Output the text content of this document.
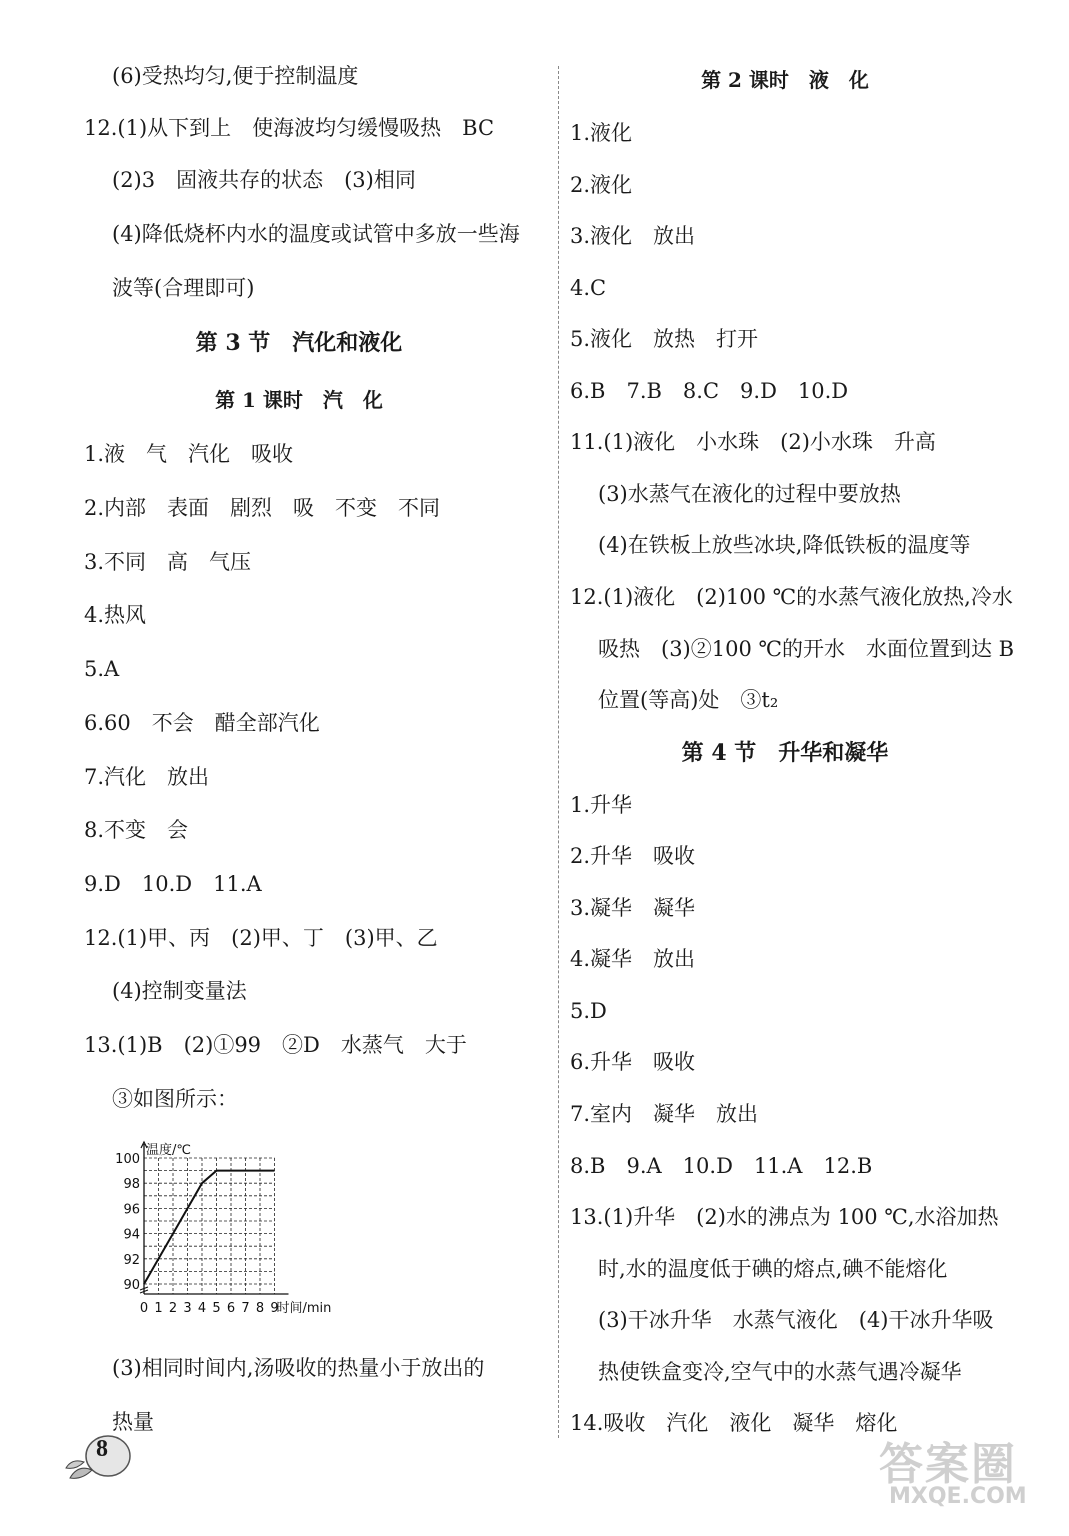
(6)受热均匀,便于控制温度
12.(1)从下到上　使海波均匀缓慢吸热　BC
(2)3　固液共存的状态　(3)相同
(4)降低烧杯内水的温度或试管中多放一些海
波等(合理即可)
第 3 节　汽化和液化
第 1 课时　汽　化
1.液　气　汽化　吸收
2.内部　表面　剧烈　吸　不变　不同
3.不同　高　气压
4.热风
5.A
6.60　不会　醋全部汽化
7.汽化　放出
8.不变　会
9.D　10.D　11.A
12.(1)甲、丙　(2)甲、丁　(3)甲、乙
(4)控制变量法
13.(1)B　(2)①99　②D　水蒸气　大于
③如图所示：
(3)相同时间内,汤吸收的热量小于放出的
热量
第 2 课时　液　化
1.液化
2.液化
3.液化　放出
4.C
5.液化　放热　打开
6.B　7.B　8.C　9.D　10.D
11.(1)液化　小水珠　(2)小水珠　升高
(3)水蒸气在液化的过程中要放热
(4)在铁板上放些冰块,降低铁板的温度等
12.(1)液化　(2)100 ℃的水蒸气液化放热,冷水
吸热　(3)②100 ℃的开水　水面位置到达 B
位置(等高)处　③t₂
第 4 节　升华和凝华
1.升华
2.升华　吸收
3.凝华　凝华
4.凝华　放出
5.D
6.升华　吸收
7.室内　凝华　放出
8.B　9.A　10.D　11.A　12.B
13.(1)升华　(2)水的沸点为 100 ℃,水浴加热
时,水的温度低于碘的熔点,碘不能熔化
(3)干冰升华　水蒸气液化　(4)干冰升华吸
热使铁盒变冷,空气中的水蒸气遇冷凝华
14.吸收　汽化　液化　凝华　熔化
100
98
96
94
92
90
0 1 2 3 4 5 6 7 8 9
温度/℃
时间/min
8	答案圈
MXQE.COM
